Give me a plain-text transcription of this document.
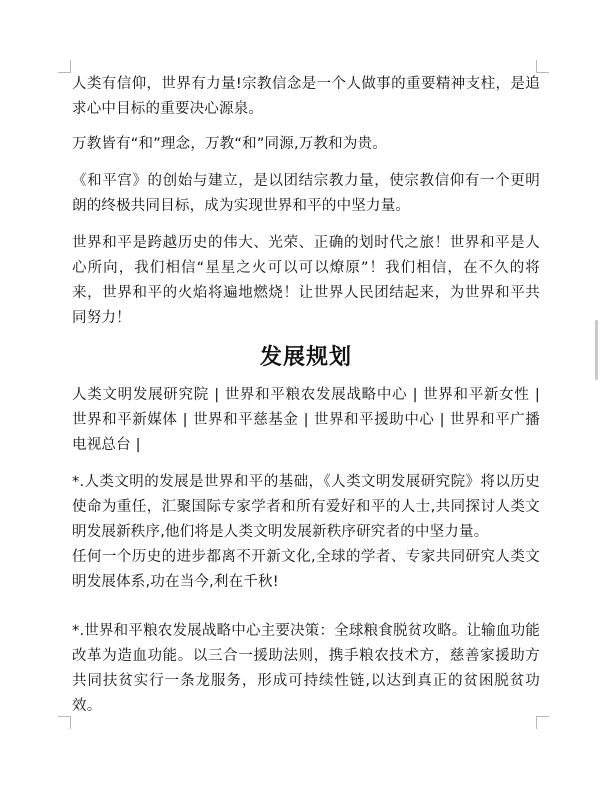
人类有信仰，世界有力量!宗教信念是一个人做事的重要精神支柱，是追求心中目标的重要决心源泉。

万教皆有“和”理念，万教“和”同源,万教和为贵。

《和平宫》的创始与建立，是以团结宗教力量，使宗教信仰有一个更明朗的终极共同目标，成为实现世界和平的中坚力量。

世界和平是跨越历史的伟大、光荣、正确的划时代之旅！世界和平是人心所向，我们相信“星星之火可以可以燎原”！我们相信，在不久的将来，世界和平的火焰将遍地燃烧！让世界人民团结起来，为世界和平共同努力！

发展规划

人类文明发展研究院 | 世界和平粮农发展战略中心 | 世界和平新女性 | 世界和平新媒体 | 世界和平慈基金 | 世界和平援助中心 | 世界和平广播电视总台 |

*.人类文明的发展是世界和平的基础，《人类文明发展研究院》将以历史使命为重任，汇聚国际专家学者和所有爱好和平的人士,共同探讨人类文明发展新秩序,他们将是人类文明发展新秩序研究者的中坚力量。

任何一个历史的进步都离不开新文化,全球的学者、专家共同研究人类文明发展体系,功在当今,利在千秋!

*.世界和平粮农发展战略中心主要决策：全球粮食脱贫攻略。让输血功能改革为造血功能。以三合一援助法则，携手粮农技术方，慈善家援助方共同扶贫实行一条龙服务，形成可持续性链,以达到真正的贫困脱贫功效。
